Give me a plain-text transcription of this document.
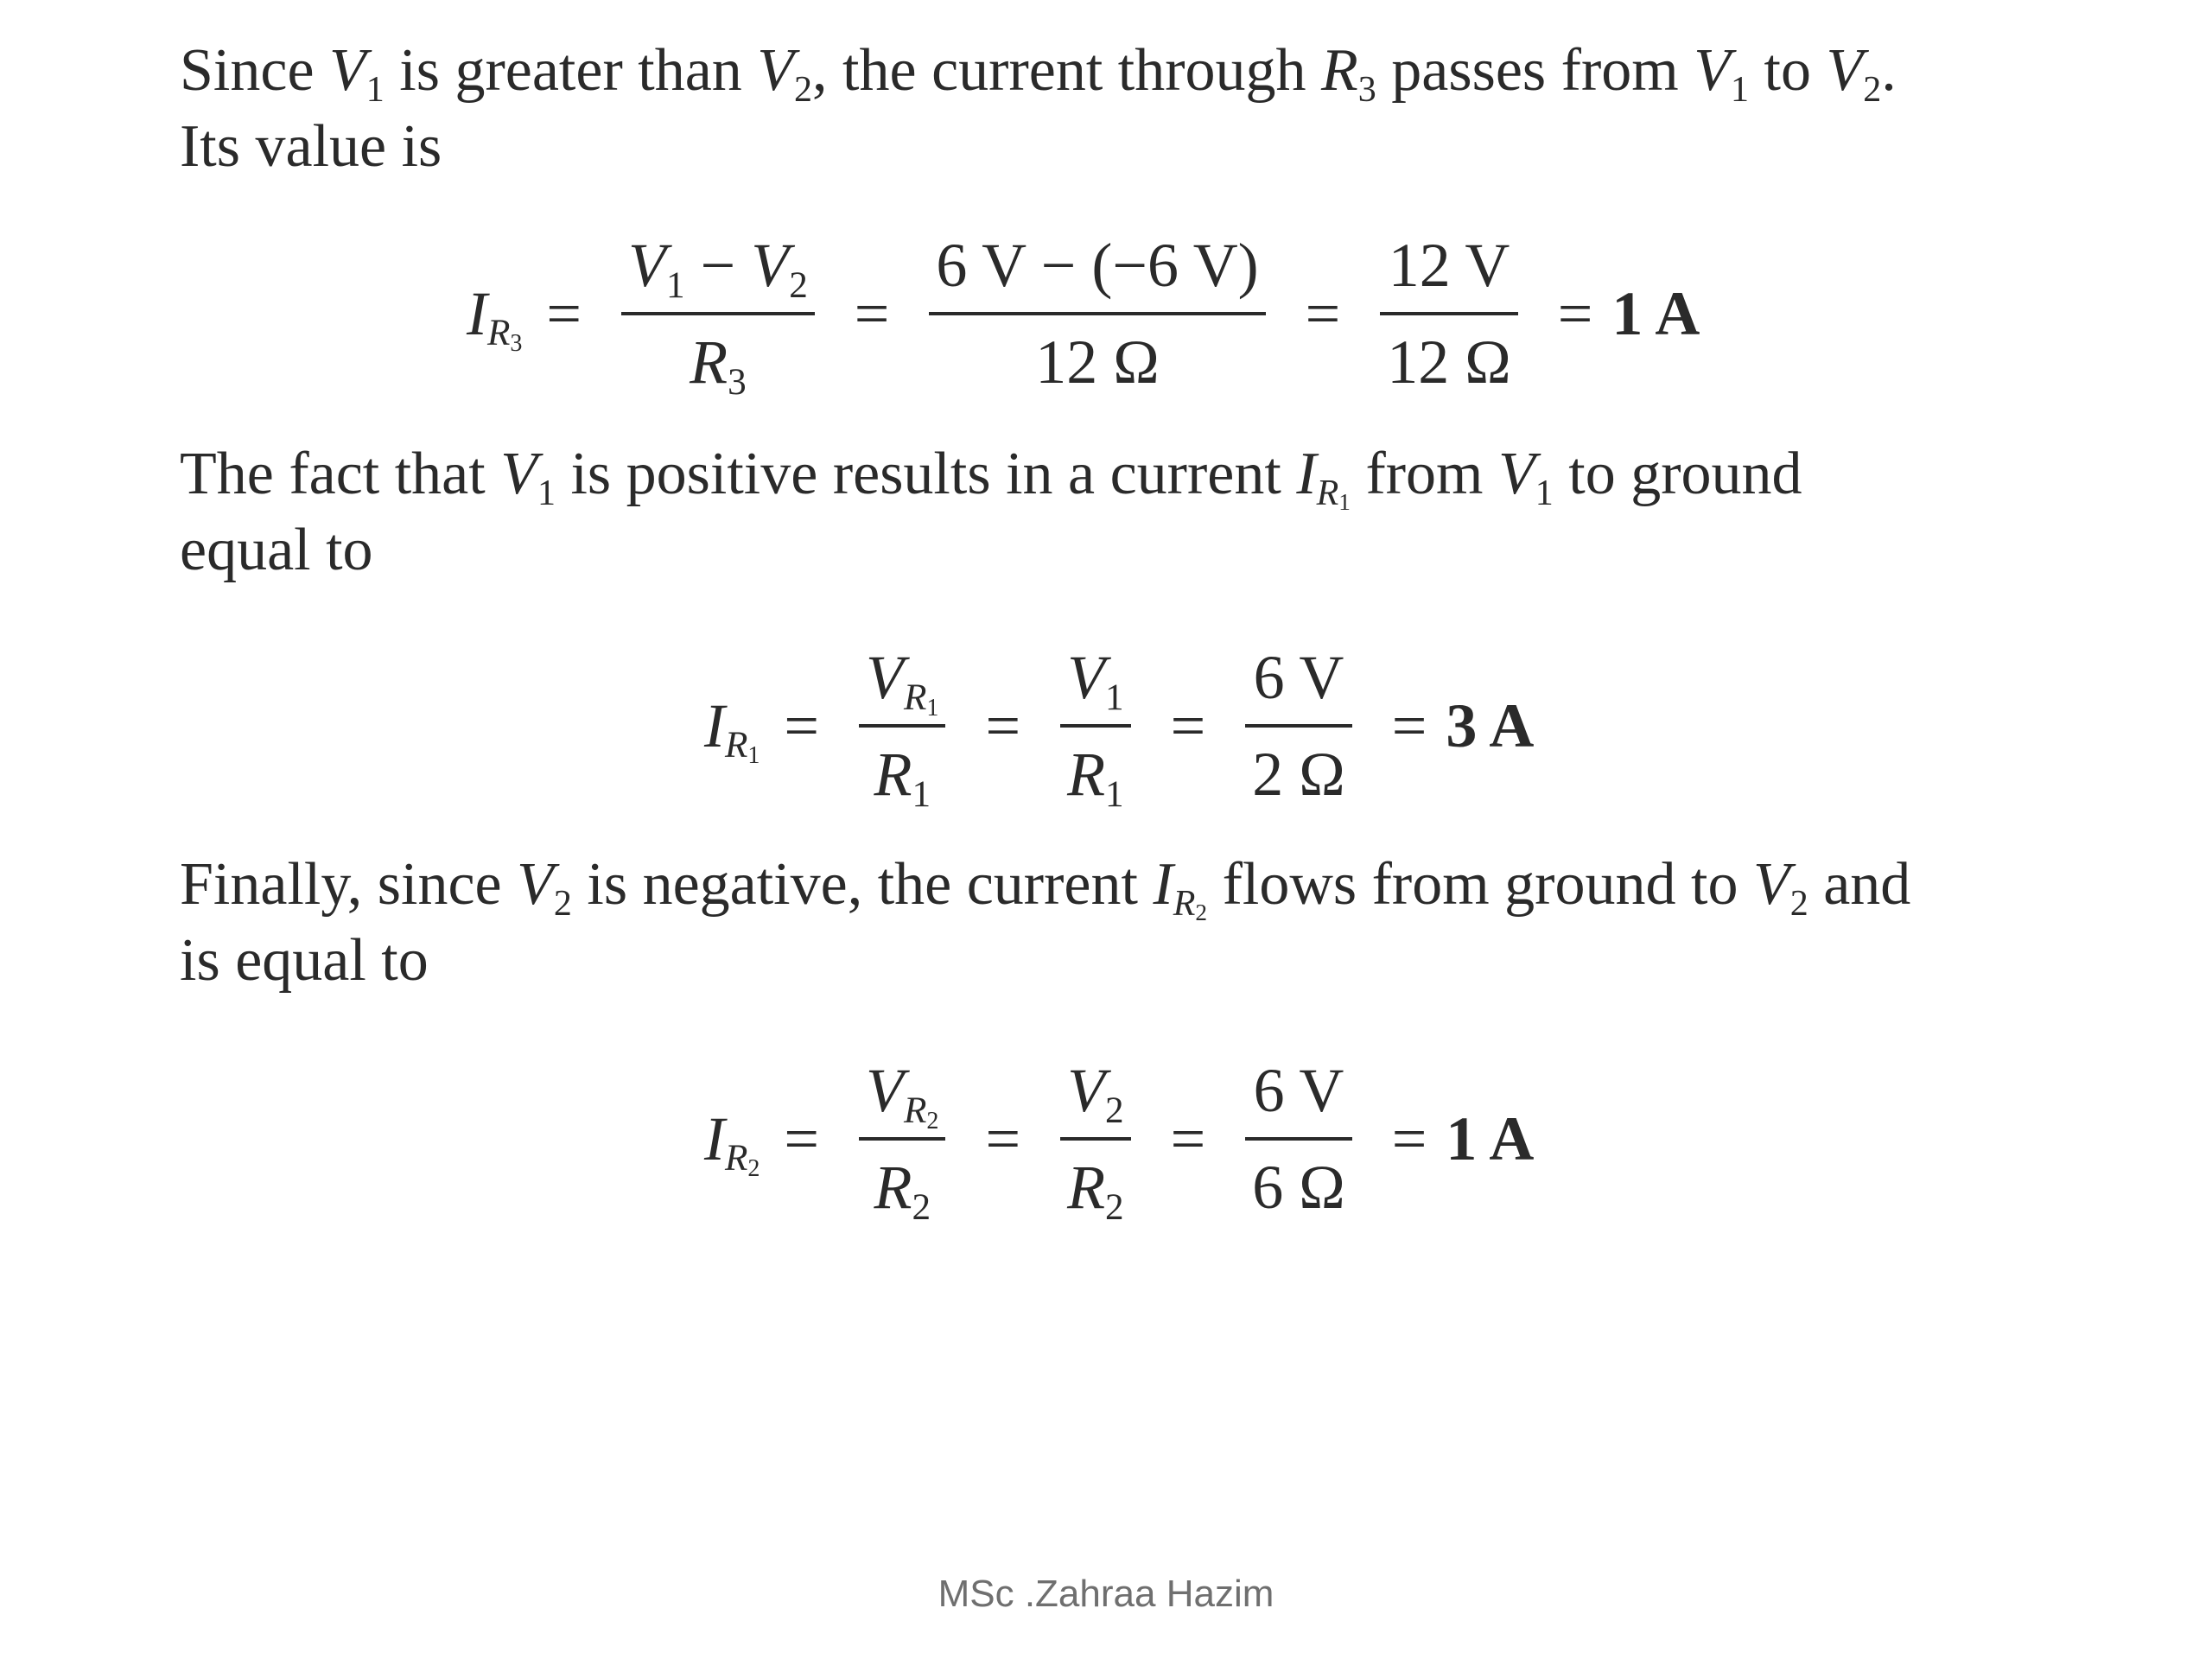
Since V1 is greater than V2, the current through R3 passes from V1 to V2.
Its value is
$IR3 = \frac{V1 - V2}{R3} = \frac{6 V - (-6 V)}{12 \Omega} = \frac{12 V}{12 \Omega} = 1$ A
The fact that V1 is positive results in a current IR1 from V1 to ground
equal to
$IR1 = \frac{VR1}{R1} = \frac{V1}{R1} = \frac{6 V}{2 \Omega} = 3$ A
Finally, since V2 is negative, the current IR2 flows from ground to V2 and
is equal to
$IR2 = \frac{VR2}{R2} = \frac{V2}{R2} = \frac{6 V}{6 \Omega} = 1$ A
MSc .Zahraa Hazim
